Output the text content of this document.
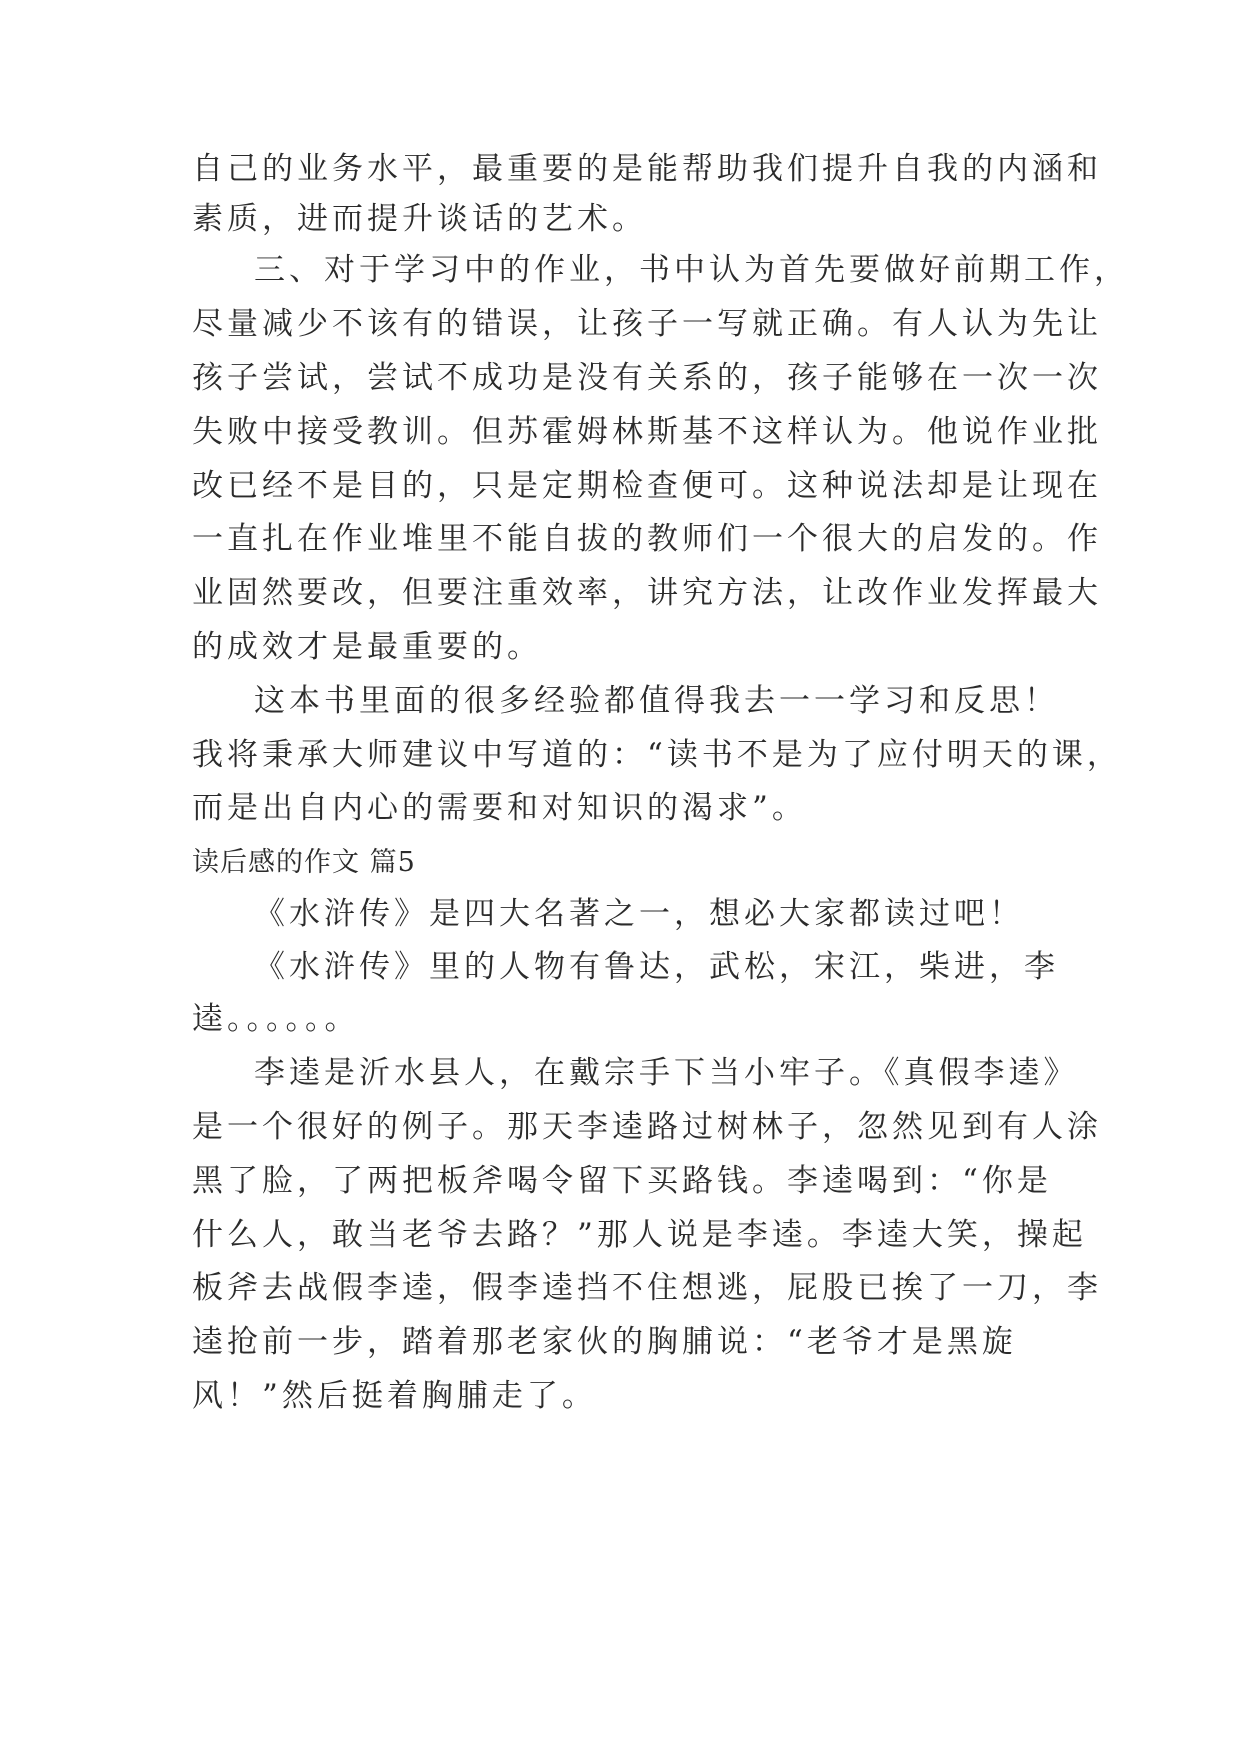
自己的业务水平，最重要的是能帮助我们提升自我的内涵和
素质，进而提升谈话的艺术。
三、对于学习中的作业，书中认为首先要做好前期工作，
尽量减少不该有的错误，让孩子一写就正确。有人认为先让
孩子尝试，尝试不成功是没有关系的，孩子能够在一次一次
失败中接受教训。但苏霍姆林斯基不这样认为。他说作业批
改已经不是目的，只是定期检查便可。这种说法却是让现在
一直扎在作业堆里不能自拔的教师们一个很大的启发的。作
业固然要改，但要注重效率，讲究方法，让改作业发挥最大
的成效才是最重要的。
这本书里面的很多经验都值得我去一一学习和反思！
我将秉承大师建议中写道的：“读书不是为了应付明天的课，
而是出自内心的需要和对知识的渴求”。
读后感的作文 篇5
《水浒传》是四大名著之一，想必大家都读过吧！
《水浒传》里的人物有鲁达，武松，宋江，柴进，李
逵。。。。。。
李逵是沂水县人，在戴宗手下当小牢子。《真假李逵》
是一个很好的例子。那天李逵路过树林子，忽然见到有人涂
黑了脸，了两把板斧喝令留下买路钱。李逵喝到：“你是
什么人，敢当老爷去路？”那人说是李逵。李逵大笑，操起
板斧去战假李逵，假李逵挡不住想逃，屁股已挨了一刀，李
逵抢前一步，踏着那老家伙的胸脯说：“老爷才是黑旋
风！”然后挺着胸脯走了。
